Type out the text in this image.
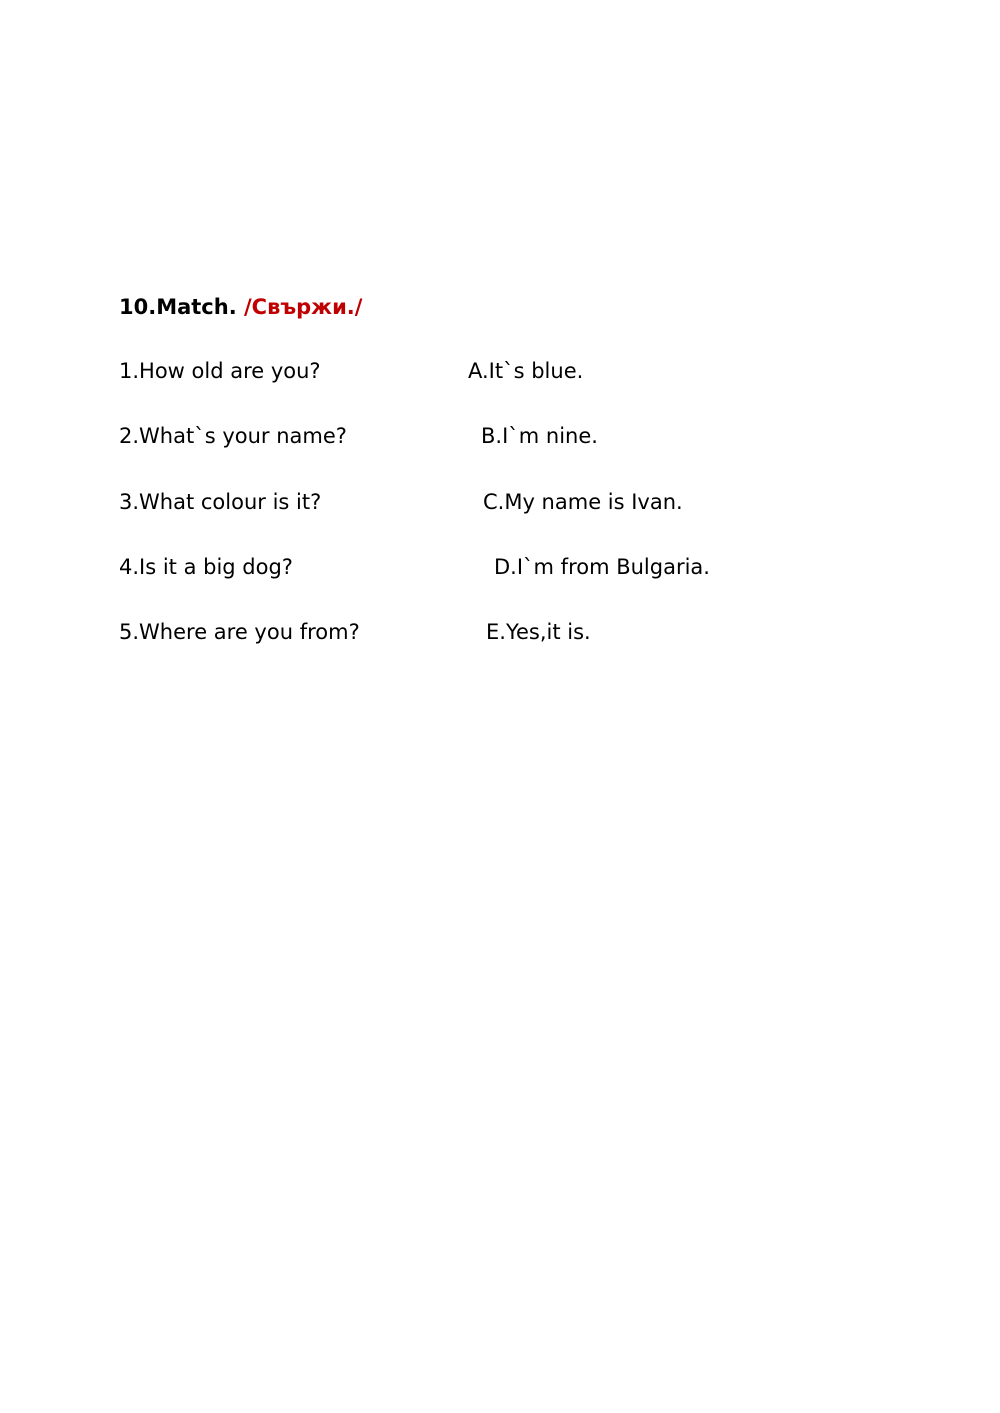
10.Match. /Свържи./
1.How old are you?	A.It`s blue.
2.What`s your name?	B.I`m nine.
3.What colour is it?	C.My name is Ivan.
4.Is it a big dog?	D.I`m from Bulgaria.
5.Where are you from?	E.Yes,it is.
